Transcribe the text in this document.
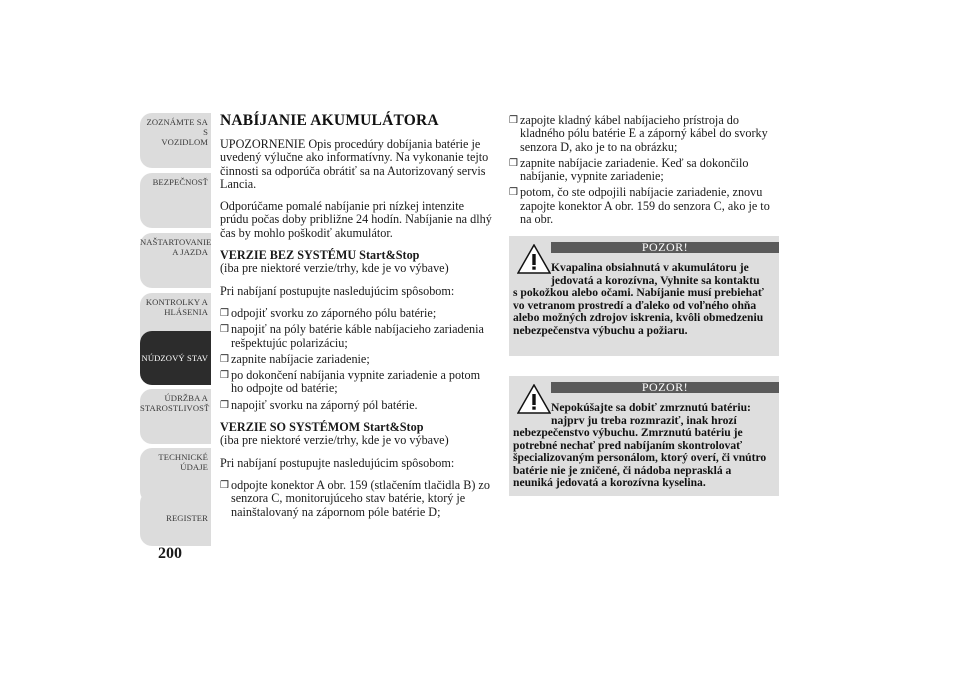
ZOZNÁMTE SA S
VOZIDLOM
BEZPEČNOSŤ
NAŠTARTOVANIE
A JAZDA
KONTROLKY A
HLÁSENIA
NÚDZOVÝ STAV
ÚDRŽBA A
STAROSTLIVOSŤ
TECHNICKÉ
ÚDAJE
REGISTER
200
NABÍJANIE AKUMULÁTORA

UPOZORNENIE Opis procedúry dobíjania batérie je uvedený výlučne ako informatívny. Na vykonanie tejto činnosti sa odporúča obrátiť sa na Autorizovaný servis Lancia.

Odporúčame pomalé nabíjanie pri nízkej intenzite prúdu počas doby približne 24 hodín. Nabíjanie na dlhý čas by mohlo poškodiť akumulátor.

VERZIE BEZ SYSTÉMU Start&Stop
(iba pre niektoré verzie/trhy, kde je vo výbave)

Pri nabíjaní postupujte nasledujúcim spôsobom:

❒ odpojiť svorku zo záporného pólu batérie;
❒ napojiť na póly batérie káble nabíjacieho zariadenia rešpektujúc polarizáciu;
❒ zapnite nabíjacie zariadenie;
❒ po dokončení nabíjania vypnite zariadenie a potom ho odpojte od batérie;
❒ napojiť svorku na záporný pól batérie.
VERZIE SO SYSTÉMOM Start&Stop
(iba pre niektoré verzie/trhy, kde je vo výbave)

Pri nabíjaní postupujte nasledujúcim spôsobom:

❒ odpojte konektor A obr. 159 (stlačením tlačidla B) zo senzora C, monitorujúceho stav batérie, ktorý je nainštalovaný na zápornom póle batérie D;
❒ zapojte kladný kábel nabíjacieho prístroja do kladného pólu batérie E a záporný kábel do svorky senzora D, ako je to na obrázku;
❒ zapnite nabíjacie zariadenie. Keď sa dokončilo nabíjanie, vypnite zariadenie;
❒ potom, čo ste odpojili nabíjacie zariadenie, znovu zapojte konektor A obr. 159 do senzora C, ako je to na obr.
POZOR!
Kvapalina obsiahnutá v akumulátoru je jedovatá a korozívna, Vyhnite sa kontaktu
s pokožkou alebo očami. Nabíjanie musí prebiehať vo vetranom prostredí a ďaleko od voľného ohňa alebo možných zdrojov iskrenia, kvôli obmedzeniu nebezpečenstva výbuchu a požiaru.
POZOR!
Nepokúšajte sa dobiť zmrznutú batériu: najprv ju treba rozmraziť, inak hrozí
nebezpečenstvo výbuchu. Zmrznutú batériu je potrebné nechať pred nabíjaním skontrolovať špecializovaným personálom, ktorý overí, či vnútro batérie nie je zničené, či nádoba neprasklá a neuniká jedovatá a korozívna kyselina.
